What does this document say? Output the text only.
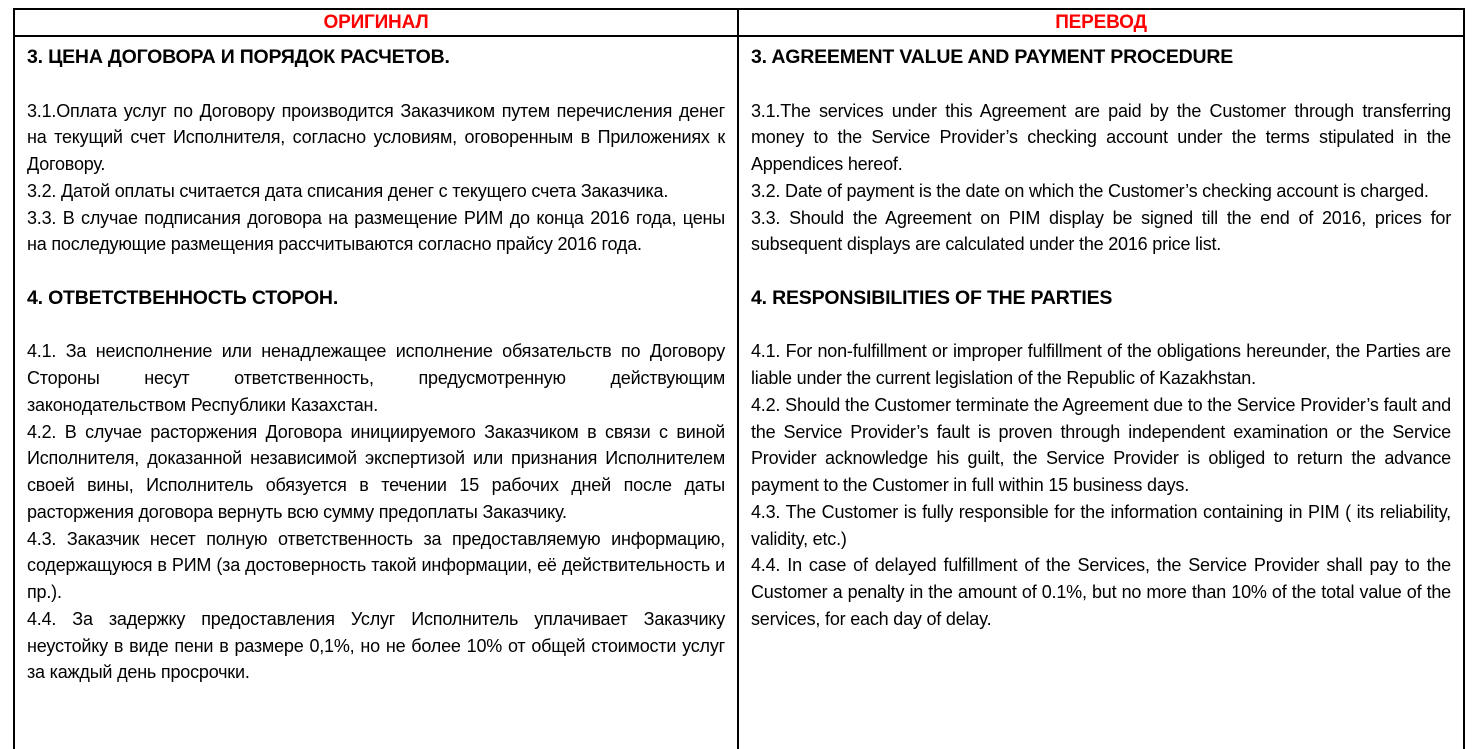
ОРИГИНАЛ	ПЕРЕВОД

3. ЦЕНА ДОГОВОРА И ПОРЯДОК РАСЧЕТОВ.

3.1.Оплата услуг по Договору производится Заказчиком путем перечисления денег на текущий счет Исполнителя, согласно условиям, оговоренным в Приложениях к Договору.

3.2. Датой оплаты считается дата списания денег с текущего счета Заказчика.

3.3. В случае подписания договора на размещение РИМ до конца 2016 года, цены на последующие размещения рассчитываются согласно прайсу 2016 года.

4. ОТВЕТСТВЕННОСТЬ СТОРОН.

4.1. За неисполнение или ненадлежащее исполнение обязательств по Договору Стороны несут ответственность, предусмотренную действующим законодательством Республики Казахстан.

4.2. В случае расторжения Договора инициируемого Заказчиком в связи с виной Исполнителя, доказанной независимой экспертизой или признания Исполнителем своей вины, Исполнитель обязуется в течении 15 рабочих дней после даты расторжения договора вернуть всю сумму предоплаты Заказчику.

4.3. Заказчик несет полную ответственность за предоставляемую информацию, содержащуюся в РИМ (за достоверность такой информации, её действительность и пр.).

4.4. За задержку предоставления Услуг Исполнитель уплачивает Заказчику неустойку в виде пени в размере 0,1%, но не более 10% от общей стоимости услуг за каждый день просрочки.

3. AGREEMENT VALUE AND PAYMENT PROCEDURE

3.1.The services under this Agreement are paid by the Customer through transferring money to the Service Provider’s checking account under the terms stipulated in the Appendices hereof.

3.2. Date of payment is the date on which the Customer’s checking account is charged.

3.3. Should the Agreement on PIM display be signed till the end of 2016, prices for subsequent displays are calculated under the 2016 price list.

4. RESPONSIBILITIES OF THE PARTIES

4.1. For non-fulfillment or improper fulfillment of the obligations hereunder, the Parties are liable under the current legislation of the Republic of Kazakhstan.

4.2. Should the Customer terminate the Agreement due to the Service Provider’s fault and the Service Provider’s fault is proven through independent examination or the Service Provider acknowledge his guilt, the Service Provider is obliged to return the advance payment to the Customer in full within 15 business days.

4.3. The Customer is fully responsible for the information containing in PIM ( its reliability, validity, etc.)

4.4. In case of delayed fulfillment of the Services, the Service Provider shall pay to the Customer a penalty in the amount of 0.1%, but no more than 10% of the total value of the services, for each day of delay.
